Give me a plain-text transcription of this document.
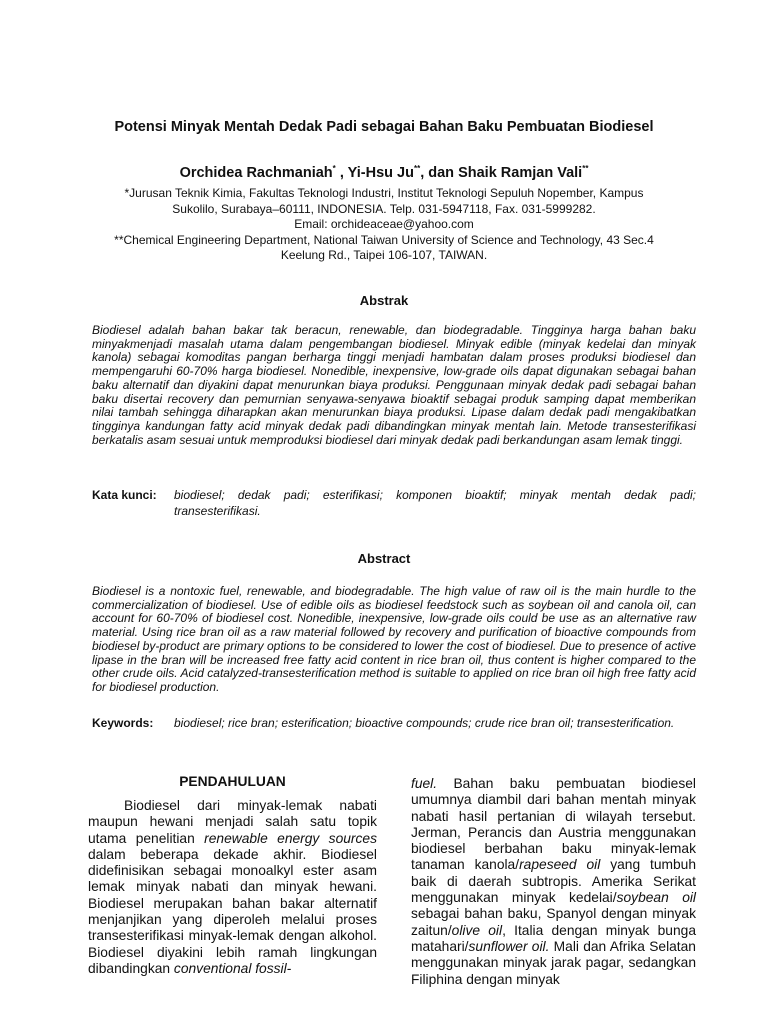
Potensi Minyak Mentah Dedak Padi sebagai Bahan Baku Pembuatan Biodiesel
Orchidea Rachmaniah* , Yi-Hsu Ju**, dan Shaik Ramjan Vali**
*Jurusan Teknik Kimia, Fakultas Teknologi Industri, Institut Teknologi Sepuluh Nopember, Kampus
Sukolilo, Surabaya–60111, INDONESIA. Telp. 031-5947118, Fax. 031-5999282.
Email: orchideaceae@yahoo.com
**Chemical Engineering Department, National Taiwan University of Science and Technology, 43 Sec.4
Keelung Rd., Taipei 106-107, TAIWAN.
Abstrak
Biodiesel adalah bahan bakar tak beracun, renewable, dan biodegradable. Tingginya harga bahan baku minyakmenjadi masalah utama dalam pengembangan biodiesel. Minyak edible (minyak kedelai dan minyak kanola) sebagai komoditas pangan berharga tinggi menjadi hambatan dalam proses produksi biodiesel dan mempengaruhi 60-70% harga biodiesel. Nonedible, inexpensive, low-grade oils dapat digunakan sebagai bahan baku alternatif dan diyakini dapat menurunkan biaya produksi. Penggunaan minyak dedak padi sebagai bahan baku disertai recovery dan pemurnian senyawa-senyawa bioaktif sebagai produk samping dapat memberikan nilai tambah sehingga diharapkan akan menurunkan biaya produksi. Lipase dalam dedak padi mengakibatkan tingginya kandungan fatty acid minyak dedak padi dibandingkan minyak mentah lain. Metode transesterifikasi berkatalis asam sesuai untuk memproduksi biodiesel dari minyak dedak padi berkandungan asam lemak tinggi.
Kata kunci: biodiesel; dedak padi; esterifikasi; komponen bioaktif; minyak mentah dedak padi; transesterifikasi.
Abstract
Biodiesel is a nontoxic fuel, renewable, and biodegradable. The high value of raw oil is the main hurdle to the commercialization of biodiesel. Use of edible oils as biodiesel feedstock such as soybean oil and canola oil, can account for 60-70% of biodiesel cost. Nonedible, inexpensive, low-grade oils could be use as an alternative raw material. Using rice bran oil as a raw material followed by recovery and purification of bioactive compounds from biodiesel by-product are primary options to be considered to lower the cost of biodiesel. Due to presence of active lipase in the bran will be increased free fatty acid content in rice bran oil, thus content is higher compared to the other crude oils. Acid catalyzed-transesterification method is suitable to applied on rice bran oil high free fatty acid for biodiesel production.
Keywords: biodiesel; rice bran; esterification; bioactive compounds; crude rice bran oil; transesterification.
PENDAHULUAN
Biodiesel dari minyak-lemak nabati maupun hewani menjadi salah satu topik utama penelitian renewable energy sources dalam beberapa dekade akhir. Biodiesel didefinisikan sebagai monoalkyl ester asam lemak minyak nabati dan minyak hewani. Biodiesel merupakan bahan bakar alternatif menjanjikan yang diperoleh melalui proses transesterifikasi minyak-lemak dengan alkohol. Biodiesel diyakini lebih ramah lingkungan dibandingkan conventional fossil-
fuel. Bahan baku pembuatan biodiesel umumnya diambil dari bahan mentah minyak nabati hasil pertanian di wilayah tersebut. Jerman, Perancis dan Austria menggunakan biodiesel berbahan baku minyak-lemak tanaman kanola/rapeseed oil yang tumbuh baik di daerah subtropis. Amerika Serikat menggunakan minyak kedelai/soybean oil sebagai bahan baku, Spanyol dengan minyak zaitun/olive oil, Italia dengan minyak bunga matahari/sunflower oil. Mali dan Afrika Selatan menggunakan minyak jarak pagar, sedangkan Filiphina dengan minyak
